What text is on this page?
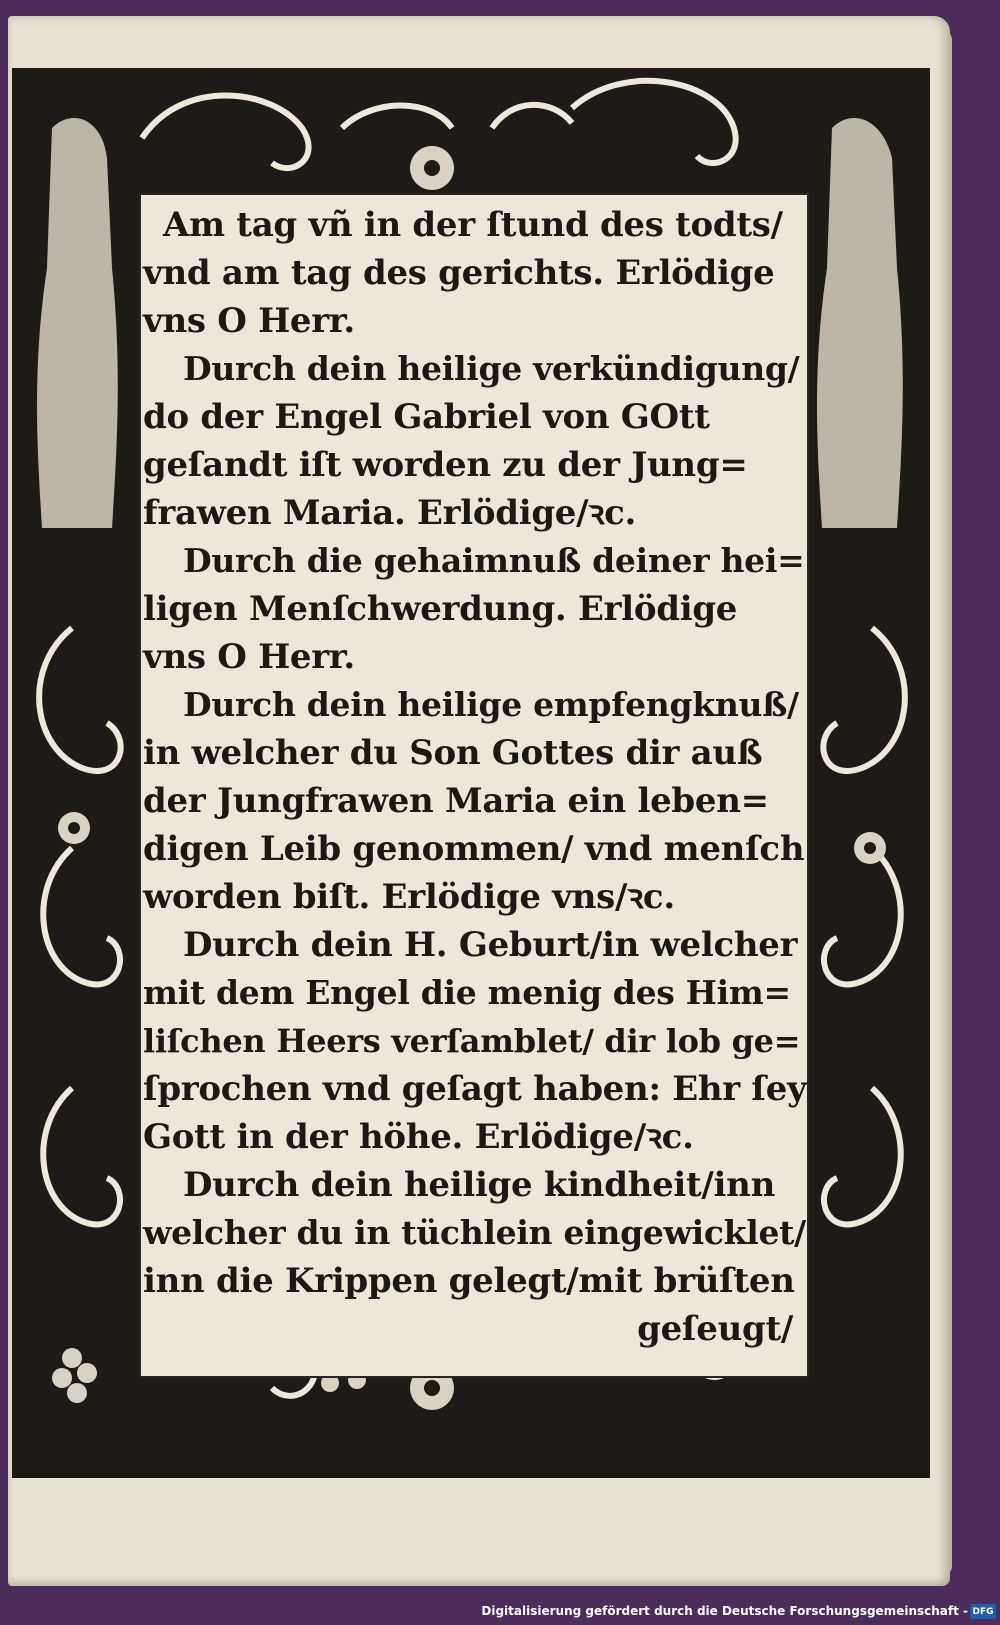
Am tag vñ in der ſtund des todts/
vnd am tag des gerichts. Erlödige
vns O Herr.
Durch dein heilige verkündigung/
do der Engel Gabriel von GOtt
geſandt iſt worden zu der Jung=
frawen Maria. Erlödige/ꝛc.
Durch die gehaimnuß deiner hei=
ligen Menſchwerdung. Erlödige
vns O Herr.
Durch dein heilige empfengknuß/
in welcher du Son Gottes dir auß
der Jungfrawen Maria ein leben=
digen Leib genommen/ vnd menſch
worden biſt. Erlödige vns/ꝛc.
Durch dein H. Geburt/in welcher
mit dem Engel die menig des Him=
liſchen Heers verſamblet/ dir lob ge=
ſprochen vnd geſagt haben: Ehr ſey
Gott in der höhe. Erlödige/ꝛc.
Durch dein heilige kindheit/inn
welcher du in tüchlein eingewicklet/
inn die Krippen gelegt/mit brüſten
geſeugt/
Digitalisierung gefördert durch die Deutsche Forschungsgemeinschaft - DFG
